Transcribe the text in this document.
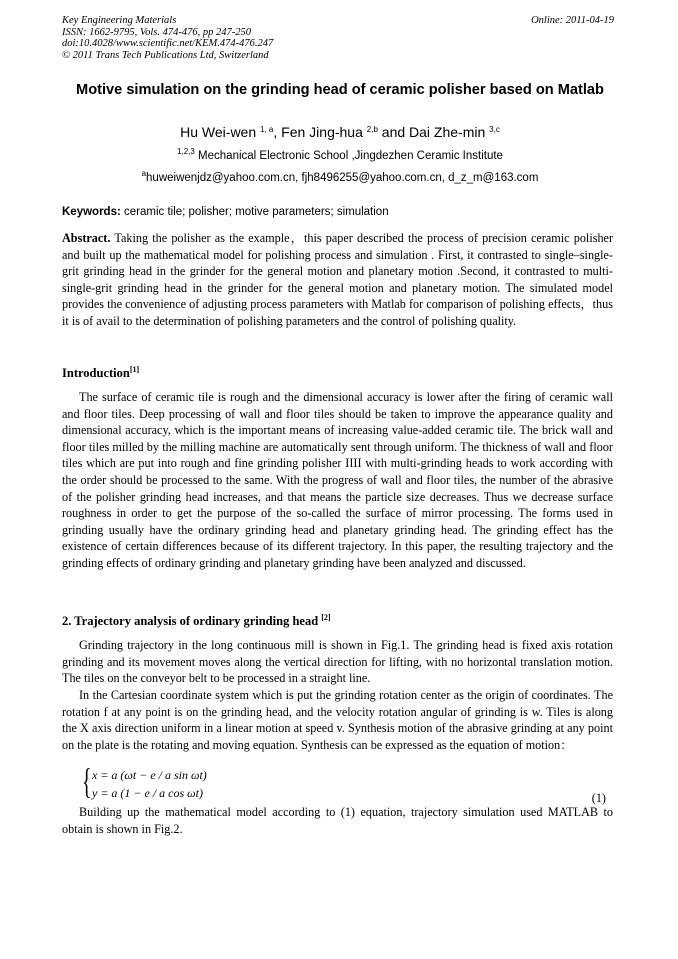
Key Engineering Materials
ISSN: 1662-9795, Vols. 474-476, pp 247-250
doi:10.4028/www.scientific.net/KEM.474-476.247
© 2011 Trans Tech Publications Ltd, Switzerland
Online: 2011-04-19
Motive simulation on the grinding head of ceramic polisher based on Matlab
Hu Wei-wen $^{1, a}$, Fen Jing-hua $^{2,b}$ and Dai Zhe-min $^{3,c}$
$^{1,2,3}$ Mechanical Electronic School ,Jingdezhen Ceramic Institute
$^a$huweiwenjdz@yahoo.com.cn, fjh8496255@yahoo.com.cn, d_z_m@163.com
Keywords: ceramic tile; polisher; motive parameters; simulation
Abstract. Taking the polisher as the example，this paper described the process of precision ceramic polisher and built up the mathematical model for polishing process and simulation . First, it contrasted to single–single-grit grinding head in the grinder for the general motion and planetary motion .Second, it contrasted to multi-single-grit grinding head in the grinder for the general motion and planetary motion. The simulated model provides the convenience of adjusting process parameters with Matlab for comparison of polishing effects，thus it is of avail to the determination of polishing parameters and the control of polishing quality.
Introduction[1]
The surface of ceramic tile is rough and the dimensional accuracy is lower after the firing of ceramic wall and floor tiles. Deep processing of wall and floor tiles should be taken to improve the appearance quality and dimensional accuracy, which is the important means of increasing value-added ceramic tile. The brick wall and floor tiles milled by the milling machine are automatically sent through uniform. The thickness of wall and floor tiles which are put into rough and fine grinding polisher IIII with multi-grinding heads to work according with the order should be processed to the same. With the progress of wall and floor tiles, the number of the abrasive of the polisher grinding head increases, and that means the particle size decreases. Thus we decrease surface roughness in order to get the purpose of the so-called the surface of mirror processing. The forms used in grinding usually have the ordinary grinding head and planetary grinding head. The grinding effect has the existence of certain differences because of its different trajectory. In this paper, the resulting trajectory and the grinding effects of ordinary grinding and planetary grinding have been analyzed and discussed.
2. Trajectory analysis of ordinary grinding head [2]
Grinding trajectory in the long continuous mill is shown in Fig.1. The grinding head is fixed axis rotation grinding and its movement moves along the vertical direction for lifting, with no horizontal translation motion. The tiles on the conveyor belt to be processed in a straight line.
In the Cartesian coordinate system which is put the grinding rotation center as the origin of coordinates. The rotation f at any point is on the grinding head, and the velocity rotation angular of grinding is w. Tiles is along the X axis direction uniform in a linear motion at speed v. Synthesis motion of the abrasive grinding at any point on the plate is the rotating and moving equation. Synthesis can be expressed as the equation of motion：
{ x = a (ωt − e / a sin ωt)
y = a (1 − e / a cos ωt)	(1)
Building up the mathematical model according to (1) equation, trajectory simulation used MATLAB to obtain is shown in Fig.2.
